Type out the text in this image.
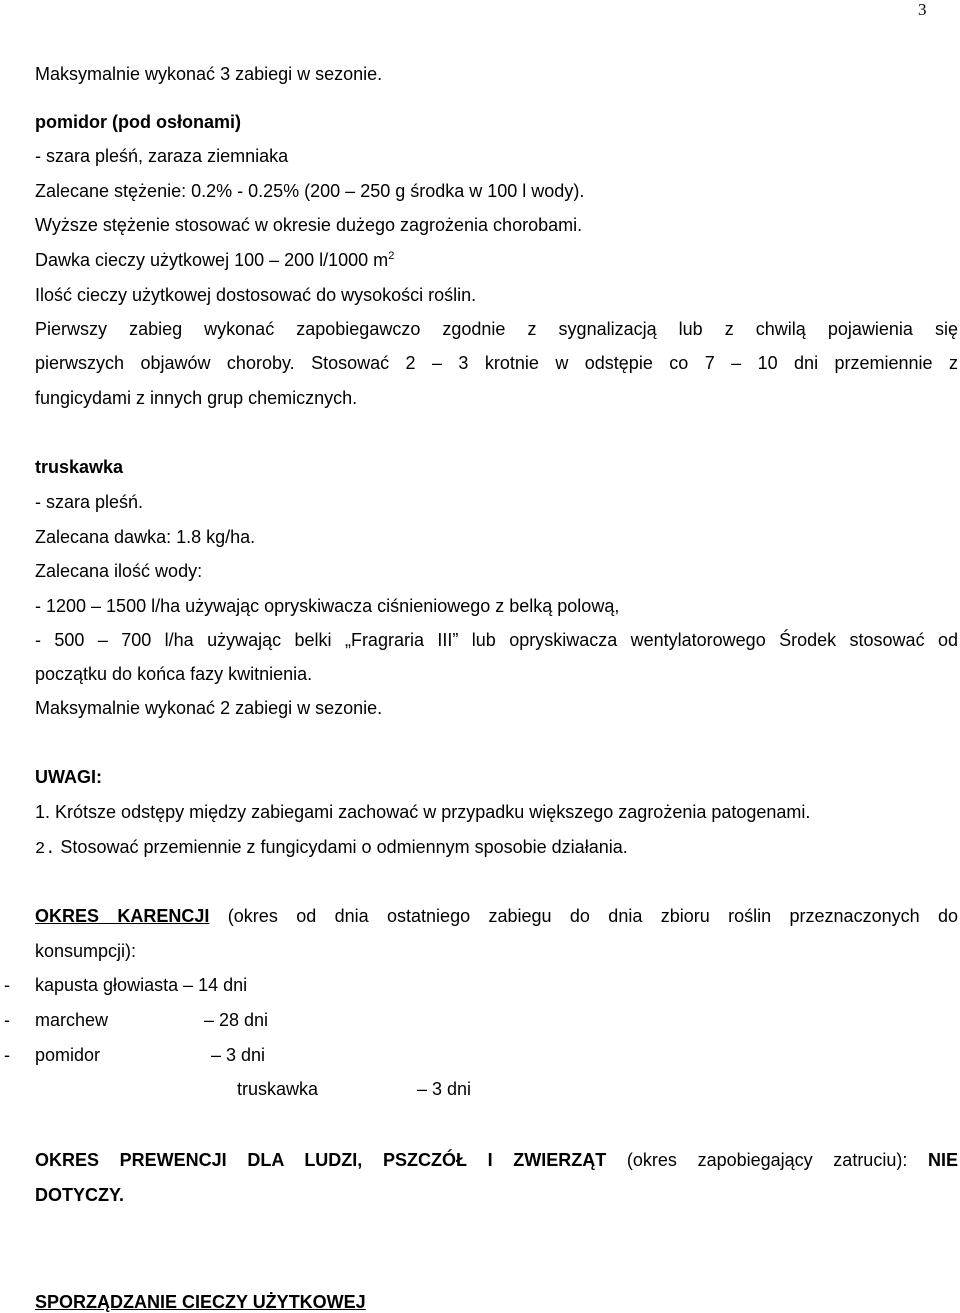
3
Maksymalnie wykonać 3 zabiegi w sezonie.
pomidor (pod osłonami)
- szara pleśń, zaraza ziemniaka
Zalecane stężenie: 0.2% - 0.25% (200 – 250 g środka w 100 l wody).
Wyższe stężenie stosować w okresie dużego zagrożenia chorobami.
Dawka cieczy użytkowej 100 – 200 l/1000 $m^2$
Ilość cieczy użytkowej dostosować do wysokości roślin.
Pierwszy zabieg wykonać zapobiegawczo zgodnie z sygnalizacją lub z chwilą pojawienia się
pierwszych objawów choroby. Stosować 2 – 3 krotnie w odstępie co 7 – 10 dni przemiennie z
fungicydami z innych grup chemicznych.
truskawka
- szara pleśń.
Zalecana dawka: 1.8 kg/ha.
Zalecana ilość wody:
- 1200 – 1500 l/ha używając opryskiwacza ciśnieniowego z belką polową,
- 500 – 700 l/ha używając belki „Fragraria III” lub opryskiwacza wentylatorowego Środek stosować od
początku do końca fazy kwitnienia.
Maksymalnie wykonać 2 zabiegi w sezonie.
UWAGI:
1. Krótsze odstępy między zabiegami zachować w przypadku większego zagrożenia patogenami.
2. Stosować przemiennie z fungicydami o odmiennym sposobie działania.
OKRES KARENCJI (okres od dnia ostatniego zabiegu do dnia zbioru roślin przeznaczonych do
konsumpcji):
- kapusta głowiasta – 14 dni
- marchew	– 28 dni
- pomidor	– 3 dni
truskawka	– 3 dni
OKRES PREWENCJI DLA LUDZI, PSZCZÓŁ I ZWIERZĄT (okres zapobiegający zatruciu): NIE
DOTYCZY.
SPORZĄDZANIE CIECZY UŻYTKOWEJ
